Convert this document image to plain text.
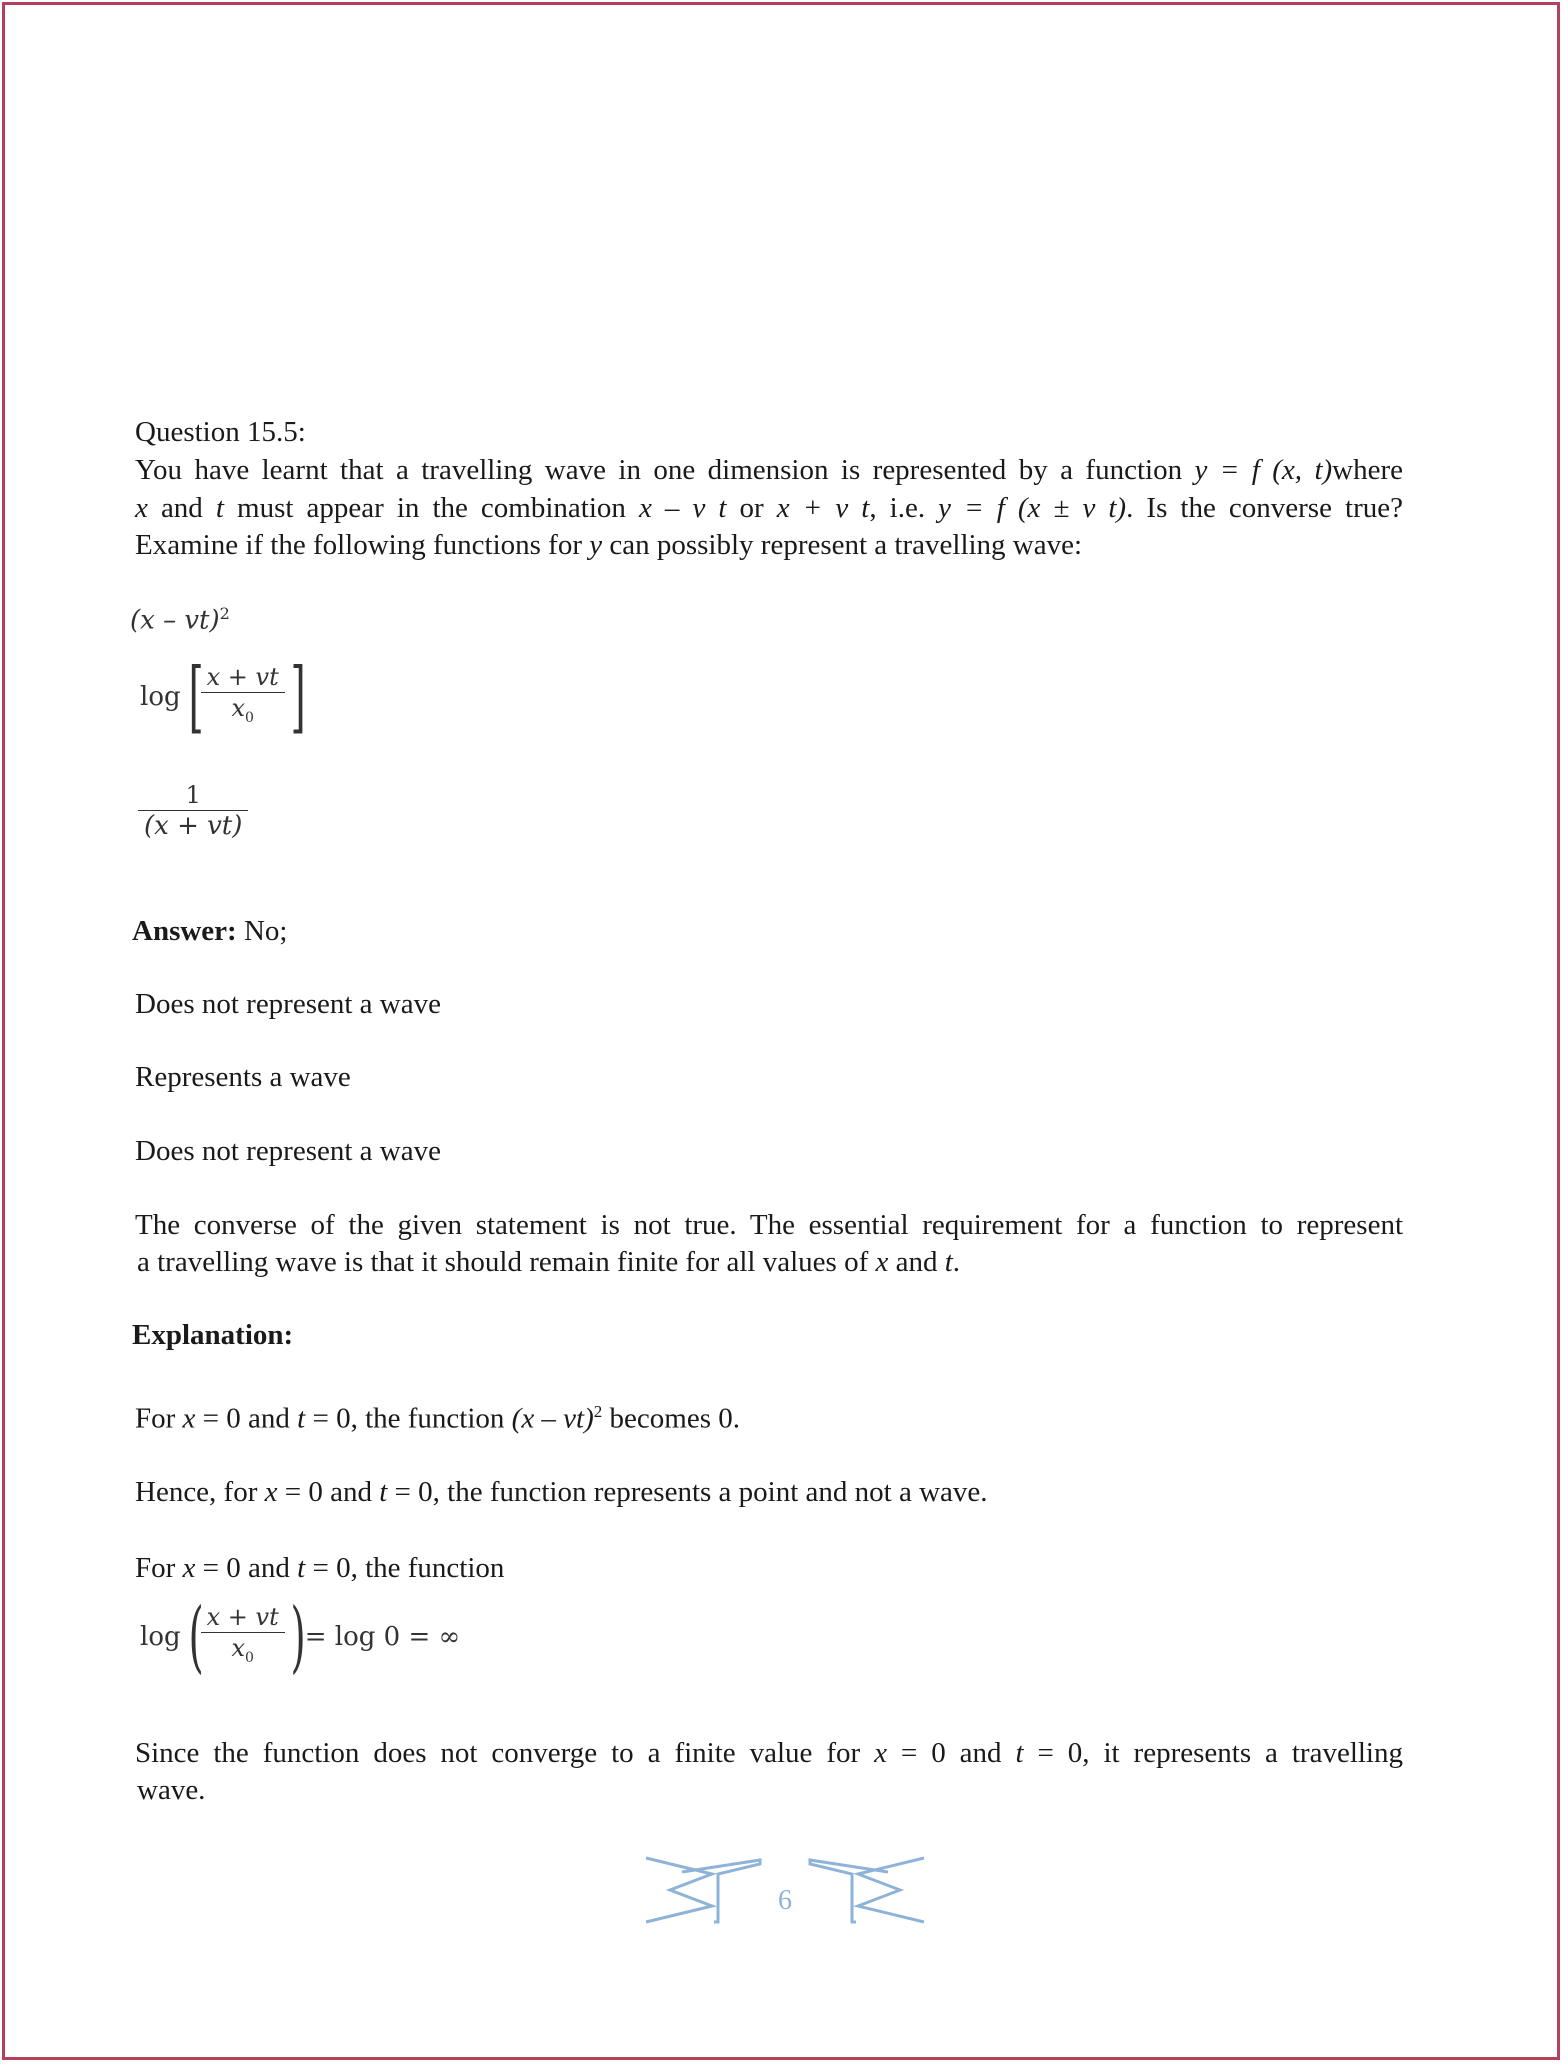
Question 15.5:
You have learnt that a travelling wave in one dimension is represented by a function y = f (x, t)where
x and t must appear in the combination x – v t or x + v t, i.e. y = f (x ± v t). Is the converse true?
Examine if the following functions for y can possibly represent a travelling wave:
(x – vt)$^2$
log [
$\frac{x + vt}{x_0}$ ]
$\frac{1}{(x + vt)}$
Answer: No;
Does not represent a wave
Represents a wave
Does not represent a wave
The converse of the given statement is not true. The essential requirement for a function to represent
a travelling wave is that it should remain finite for all values of x and t.
Explanation:
For x = 0 and t = 0, the function (x – vt)$^2$ becomes 0.
Hence, for x = 0 and t = 0, the function represents a point and not a wave.
For x = 0 and t = 0, the function
log (
$\frac{x + vt}{x_0}$ ) = log 0 = ∞
Since the function does not converge to a finite value for x = 0 and t = 0, it represents a travelling
wave.
6
